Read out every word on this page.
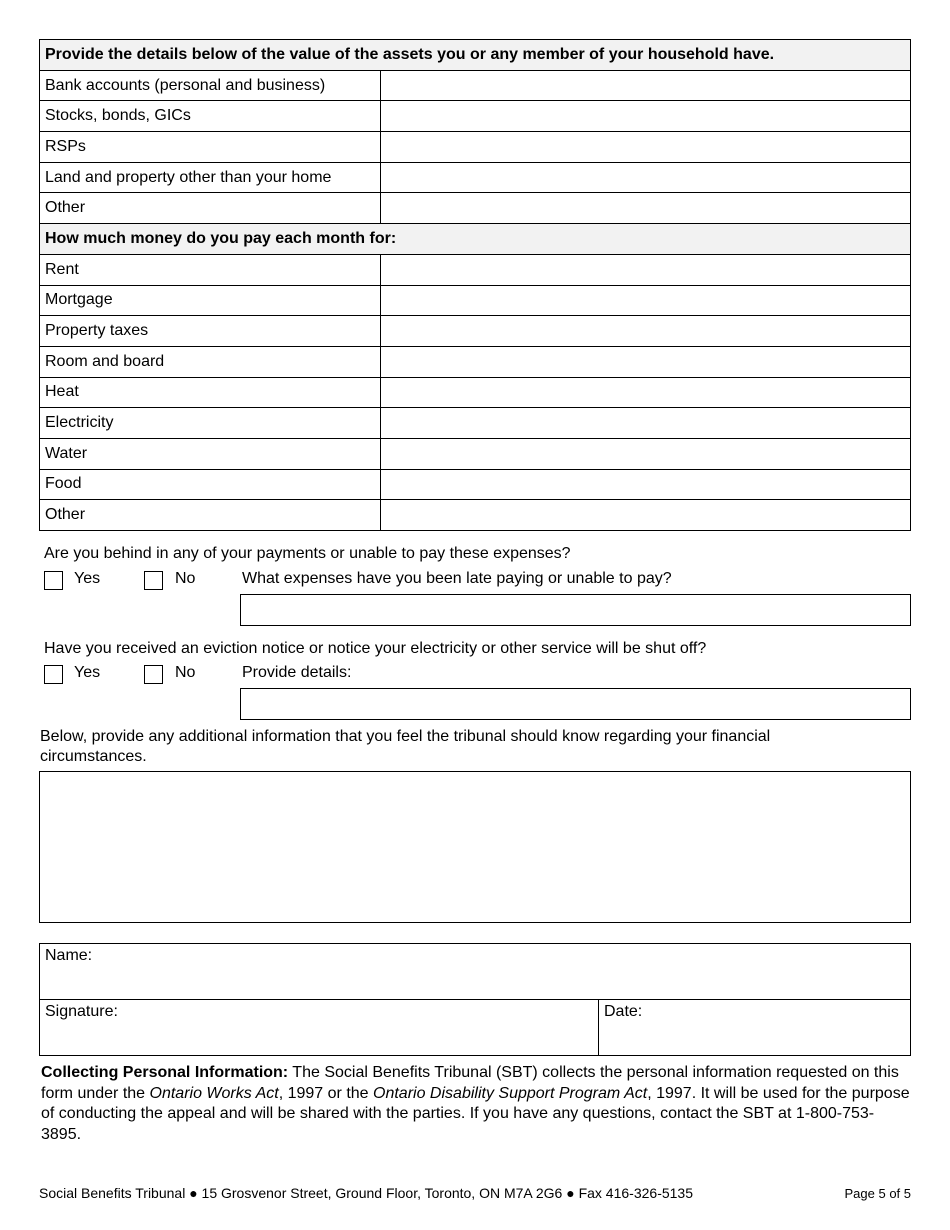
Provide the details below of the value of the assets you or any member of your household have.	
Bank accounts (personal and business)	
Stocks, bonds, GICs	
RSPs	
Land and property other than your home	
Other	
How much money do you pay each month for:	
Rent	
Mortgage	
Property taxes	
Room and board	
Heat	
Electricity	
Water	
Food	
Other	
Are you behind in any of your payments or unable to pay these expenses?
Yes	No	What expenses have you been late paying or unable to pay?
Have you received an eviction notice or notice your electricity or other service will be shut off?
Yes	No	Provide details:
Below, provide any additional information that you feel the tribunal should know regarding your financial
circumstances.
Name:
Signature:	Date:
Collecting Personal Information: The Social Benefits Tribunal (SBT) collects the personal information requested on this form under the Ontario Works Act, 1997 or the Ontario Disability Support Program Act, 1997. It will be used for the purpose of conducting the appeal and will be shared with the parties. If you have any questions, contact the SBT at 1-800-753-3895.
Social Benefits Tribunal ● 15 Grosvenor Street, Ground Floor, Toronto, ON M7A 2G6 ● Fax 416-326-5135	Page 5 of 5
